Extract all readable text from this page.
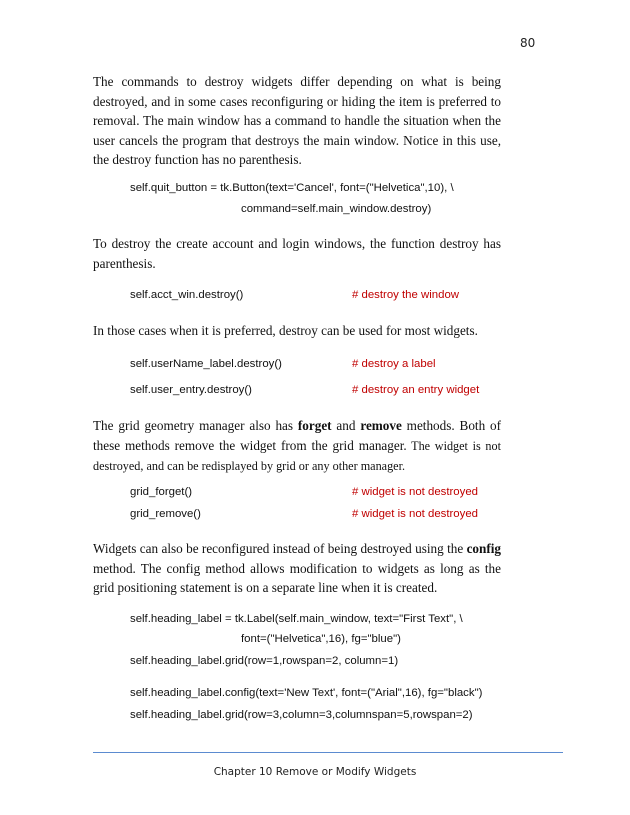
80

The commands to destroy widgets differ depending on what is being destroyed, and in some cases reconfiguring or hiding the item is preferred to removal. The main window has a command to handle the situation when the user cancels the program that destroys the main window. Notice in this use, the destroy function has no parenthesis.

self.quit_button = tk.Button(text='Cancel', font=("Helvetica",10), \
command=self.main_window.destroy)

To destroy the create account and login windows, the function destroy has parenthesis.

self.acct_win.destroy()	# destroy the window

In those cases when it is preferred, destroy can be used for most widgets.

self.userName_label.destroy()	# destroy a label
self.user_entry.destroy()	# destroy an entry widget

The grid geometry manager also has forget and remove methods. Both of these methods remove the widget from the grid manager. The widget is not destroyed, and can be redisplayed by grid or any other manager.

grid_forget()	# widget is not destroyed
grid_remove()	# widget is not destroyed

Widgets can also be reconfigured instead of being destroyed using the config method. The config method allows modification to widgets as long as the grid positioning statement is on a separate line when it is created.

self.heading_label = tk.Label(self.main_window, text="First Text", \
font=("Helvetica",16), fg="blue")
self.heading_label.grid(row=1,rowspan=2, column=1)
self.heading_label.config(text='New Text', font=("Arial",16), fg="black")
self.heading_label.grid(row=3,column=3,columnspan=5,rowspan=2)
Chapter 10 Remove or Modify Widgets
